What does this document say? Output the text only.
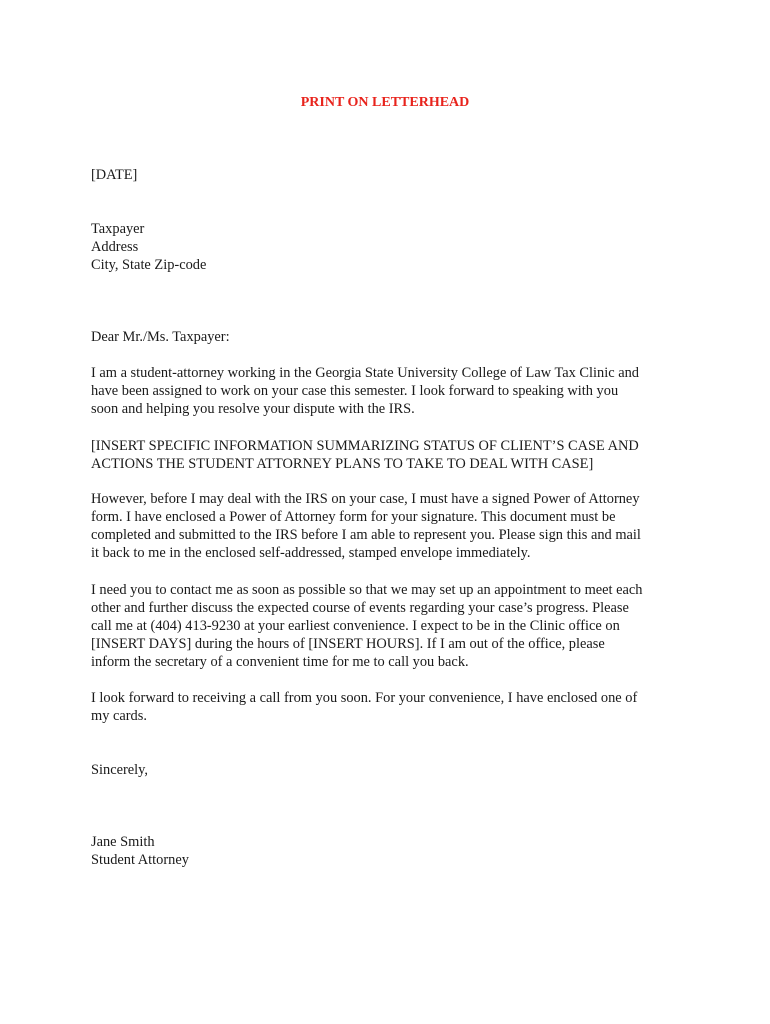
PRINT ON LETTERHEAD

[DATE]

Taxpayer
Address
City, State Zip-code

Dear Mr./Ms. Taxpayer:

I am a student-attorney working in the Georgia State University College of Law Tax Clinic and
have been assigned to work on your case this semester. I look forward to speaking with you
soon and helping you resolve your dispute with the IRS.
[INSERT SPECIFIC INFORMATION SUMMARIZING STATUS OF CLIENT’S CASE AND
ACTIONS THE STUDENT ATTORNEY PLANS TO TAKE TO DEAL WITH CASE]
However, before I may deal with the IRS on your case, I must have a signed Power of Attorney
form. I have enclosed a Power of Attorney form for your signature. This document must be
completed and submitted to the IRS before I am able to represent you. Please sign this and mail
it back to me in the enclosed self-addressed, stamped envelope immediately.
I need you to contact me as soon as possible so that we may set up an appointment to meet each
other and further discuss the expected course of events regarding your case’s progress. Please
call me at (404) 413-9230 at your earliest convenience. I expect to be in the Clinic office on
[INSERT DAYS] during the hours of [INSERT HOURS]. If I am out of the office, please
inform the secretary of a convenient time for me to call you back.
I look forward to receiving a call from you soon. For your convenience, I have enclosed one of
my cards.

Sincerely,

Jane Smith
Student Attorney
